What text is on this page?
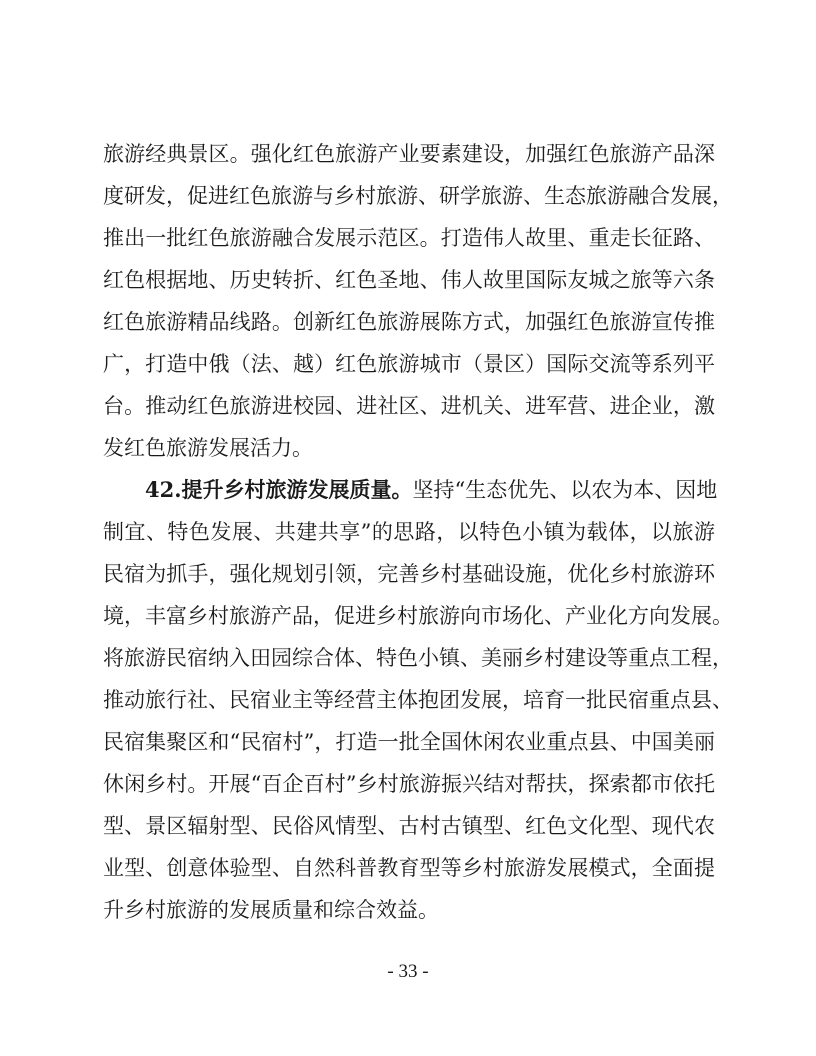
旅游经典景区。强化红色旅游产业要素建设，加强红色旅游产品深
度研发，促进红色旅游与乡村旅游、研学旅游、生态旅游融合发展，
推出一批红色旅游融合发展示范区。打造伟人故里、重走长征路、
红色根据地、历史转折、红色圣地、伟人故里国际友城之旅等六条
红色旅游精品线路。创新红色旅游展陈方式，加强红色旅游宣传推
广，打造中俄（法、越）红色旅游城市（景区）国际交流等系列平
台。推动红色旅游进校园、进社区、进机关、进军营、进企业，激
发红色旅游发展活力。
42.提升乡村旅游发展质量。坚持“生态优先、以农为本、因地
制宜、特色发展、共建共享”的思路，以特色小镇为载体，以旅游
民宿为抓手，强化规划引领，完善乡村基础设施，优化乡村旅游环
境，丰富乡村旅游产品，促进乡村旅游向市场化、产业化方向发展。
将旅游民宿纳入田园综合体、特色小镇、美丽乡村建设等重点工程，
推动旅行社、民宿业主等经营主体抱团发展，培育一批民宿重点县、
民宿集聚区和“民宿村”，打造一批全国休闲农业重点县、中国美丽
休闲乡村。开展“百企百村”乡村旅游振兴结对帮扶，探索都市依托
型、景区辐射型、民俗风情型、古村古镇型、红色文化型、现代农
业型、创意体验型、自然科普教育型等乡村旅游发展模式，全面提
升乡村旅游的发展质量和综合效益。
- 33 -
